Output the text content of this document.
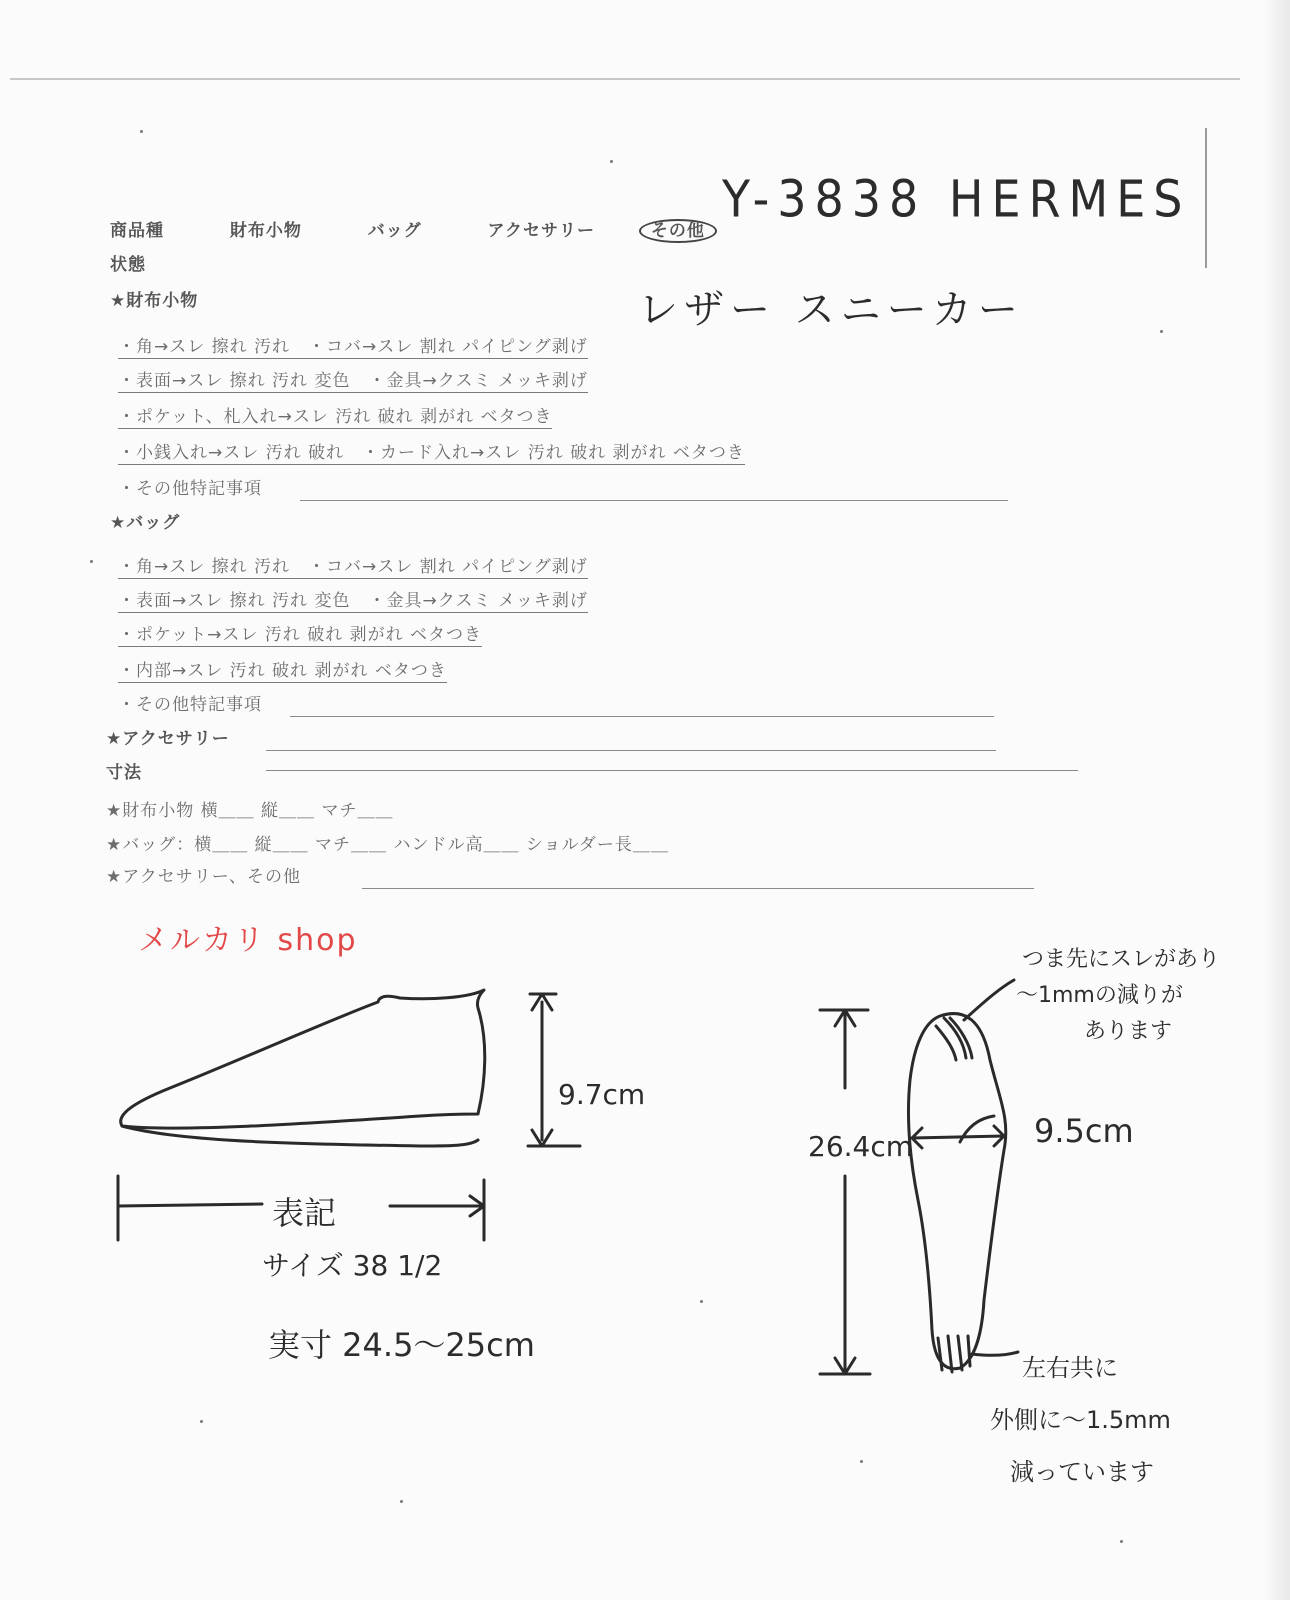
Y-3838 HERMES
レザー スニーカー
商品種	財布小物	バッグ	アクセサリー	その他
状態
★財布小物
・角→スレ 擦れ 汚れ　・コバ→スレ 割れ パイピング剥げ
・表面→スレ 擦れ 汚れ 変色　・金具→クスミ メッキ剥げ
・ポケット、札入れ→スレ 汚れ 破れ 剥がれ ベタつき
・小銭入れ→スレ 汚れ 破れ　・カード入れ→スレ 汚れ 破れ 剥がれ ベタつき
・その他特記事項
★バッグ
・角→スレ 擦れ 汚れ　・コバ→スレ 割れ パイピング剥げ
・表面→スレ 擦れ 汚れ 変色　・金具→クスミ メッキ剥げ
・ポケット→スレ 汚れ 破れ 剥がれ ベタつき
・内部→スレ 汚れ 破れ 剥がれ ベタつき
・その他特記事項
★アクセサリー
寸法
★財布小物 横＿＿ 縦＿＿ マチ＿＿
★バッグ：横＿＿ 縦＿＿ マチ＿＿ ハンドル高＿＿ ショルダー長＿＿
★アクセサリー、その他
メルカリ shop
9.7cm
表記
サイズ 38 1/2
実寸 24.5〜25cm
26.4cm	9.5cm
つま先にスレがあり
〜1mmの減りが
あります
左右共に
外側に〜1.5mm
減っています
